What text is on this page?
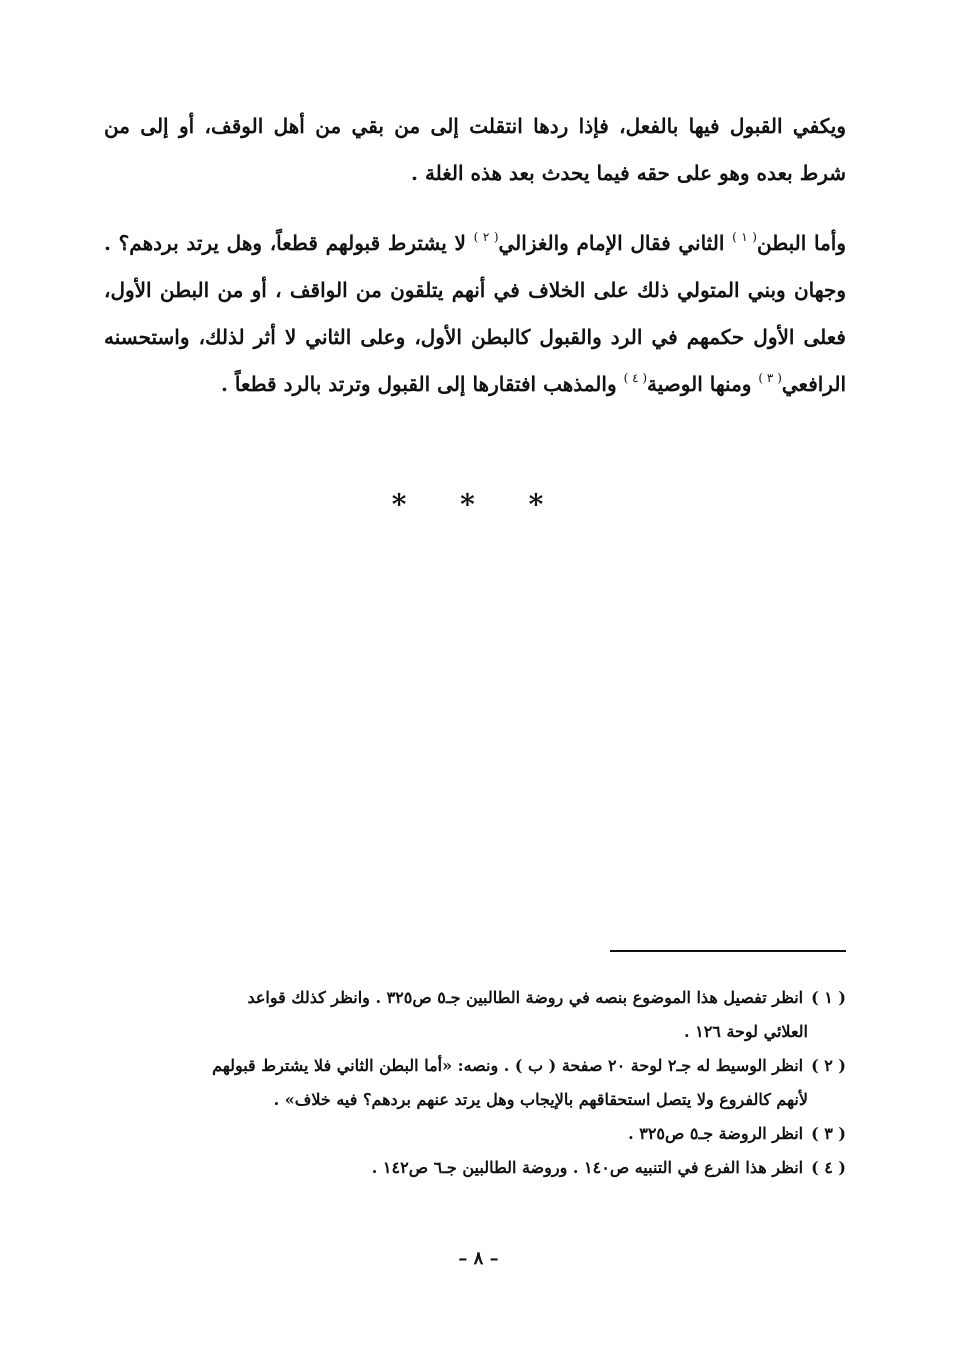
ويكفي القبول فيها بالفعل، فإذا ردها انتقلت إلى من بقي من أهل الوقف، أو إلى من شرط بعده وهو على حقه فيما يحدث بعد هذه الغلة .

وأما البطن$^{( ١ )}$ الثاني فقال الإمام والغزالي$^{( ٢ )}$ لا يشترط قبولهم قطعاً، وهل يرتد بردهم؟ . وجهان وبني المتولي ذلك على الخلاف في أنهم يتلقون من الواقف ، أو من البطن الأول، فعلى الأول حكمهم في الرد والقبول كالبطن الأول، وعلى الثاني لا أثر لذلك، واستحسنه الرافعي$^{( ٣ )}$ ومنها الوصية$^{( ٤ )}$ والمذهب افتقارها إلى القبول وترتد بالرد قطعاً .

* * *

( ١ )انظر تفصيل هذا الموضوع بنصه في روضة الطالبين جـ٥ ص٣٢٥ . وانظر كذلك قواعد
العلائي لوحة ١٢٦ .

( ٢ )انظر الوسيط له جـ٢ لوحة ٢٠ صفحة ( ب ) . ونصه: «أما البطن الثاني فلا يشترط قبولهم
لأنهم كالفروع ولا يتصل استحقاقهم بالإيجاب وهل يرتد عنهم بردهم؟ فيه خلاف» .

( ٣ )انظر الروضة جـ٥ ص٣٢٥ .

( ٤ )انظر هذا الفرع في التنبيه ص١٤٠ . وروضة الطالبين جـ٦ ص١٤٢ .

– ٨ –
